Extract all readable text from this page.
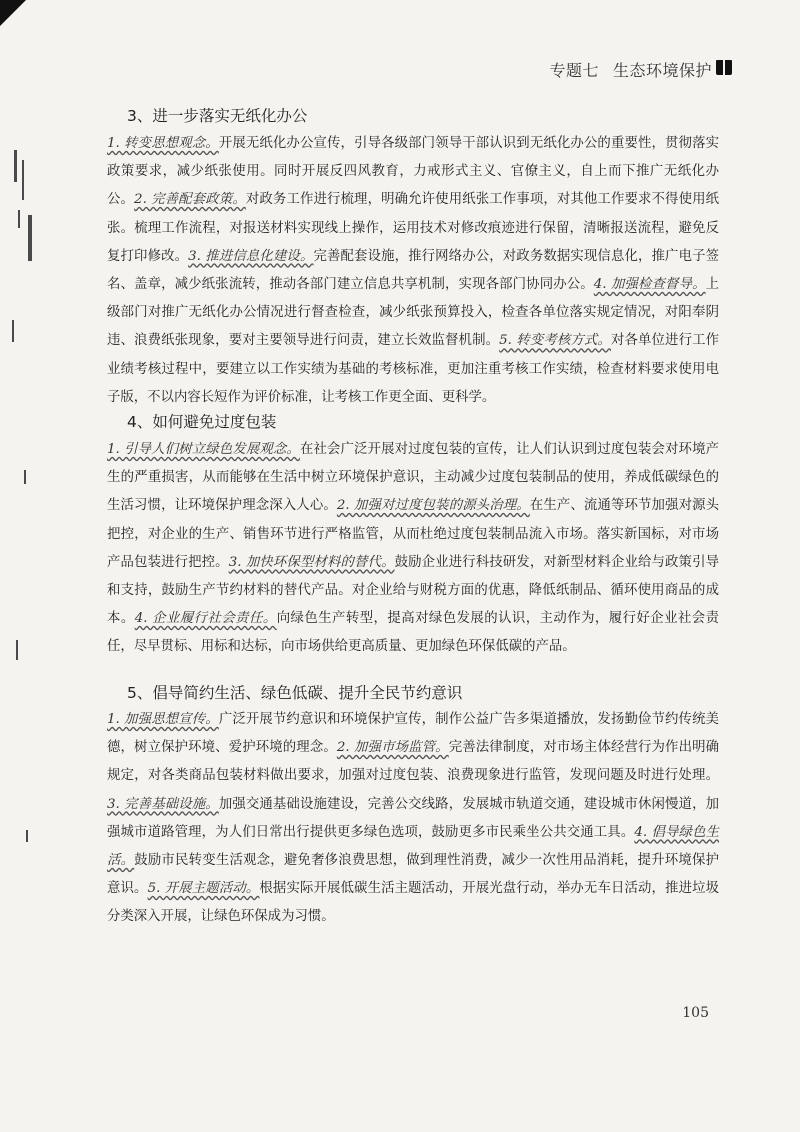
专题七 生态环境保护
3、进一步落实无纸化办公
1. 转变思想观念。开展无纸化办公宣传，引导各级部门领导干部认识到无纸化办公的重要性，贯彻落实政策要求，减少纸张使用。同时开展反四风教育，力戒形式主义、官僚主义，自上而下推广无纸化办公。2. 完善配套政策。对政务工作进行梳理，明确允许使用纸张工作事项，对其他工作要求不得使用纸张。梳理工作流程，对报送材料实现线上操作，运用技术对修改痕迹进行保留，清晰报送流程，避免反复打印修改。3. 推进信息化建设。完善配套设施，推行网络办公，对政务数据实现信息化，推广电子签名、盖章，减少纸张流转，推动各部门建立信息共享机制，实现各部门协同办公。4. 加强检查督导。上级部门对推广无纸化办公情况进行督查检查，减少纸张预算投入，检查各单位落实规定情况，对阳奉阴违、浪费纸张现象，要对主要领导进行问责，建立长效监督机制。5. 转变考核方式。对各单位进行工作业绩考核过程中，要建立以工作实绩为基础的考核标准，更加注重考核工作实绩，检查材料要求使用电子版，不以内容长短作为评价标准，让考核工作更全面、更科学。
4、如何避免过度包装
1. 引导人们树立绿色发展观念。在社会广泛开展对过度包装的宣传，让人们认识到过度包装会对环境产生的严重损害，从而能够在生活中树立环境保护意识，主动减少过度包装制品的使用，养成低碳绿色的生活习惯，让环境保护理念深入人心。2. 加强对过度包装的源头治理。在生产、流通等环节加强对源头把控，对企业的生产、销售环节进行严格监管，从而杜绝过度包装制品流入市场。落实新国标，对市场产品包装进行把控。3. 加快环保型材料的替代。鼓励企业进行科技研发，对新型材料企业给与政策引导和支持，鼓励生产节约材料的替代产品。对企业给与财税方面的优惠，降低纸制品、循环使用商品的成本。4. 企业履行社会责任。向绿色生产转型，提高对绿色发展的认识，主动作为，履行好企业社会责任，尽早贯标、用标和达标，向市场供给更高质量、更加绿色环保低碳的产品。
5、倡导简约生活、绿色低碳、提升全民节约意识
1. 加强思想宣传。广泛开展节约意识和环境保护宣传，制作公益广告多渠道播放，发扬勤俭节约传统美德，树立保护环境、爱护环境的理念。2. 加强市场监管。完善法律制度，对市场主体经营行为作出明确规定，对各类商品包装材料做出要求，加强对过度包装、浪费现象进行监管，发现问题及时进行处理。3. 完善基础设施。加强交通基础设施建设，完善公交线路，发展城市轨道交通，建设城市休闲慢道，加强城市道路管理，为人们日常出行提供更多绿色选项，鼓励更多市民乘坐公共交通工具。4. 倡导绿色生活。鼓励市民转变生活观念，避免奢侈浪费思想，做到理性消费，减少一次性用品消耗，提升环境保护意识。5. 开展主题活动。根据实际开展低碳生活主题活动，开展光盘行动，举办无车日活动，推进垃圾分类深入开展，让绿色环保成为习惯。
105
